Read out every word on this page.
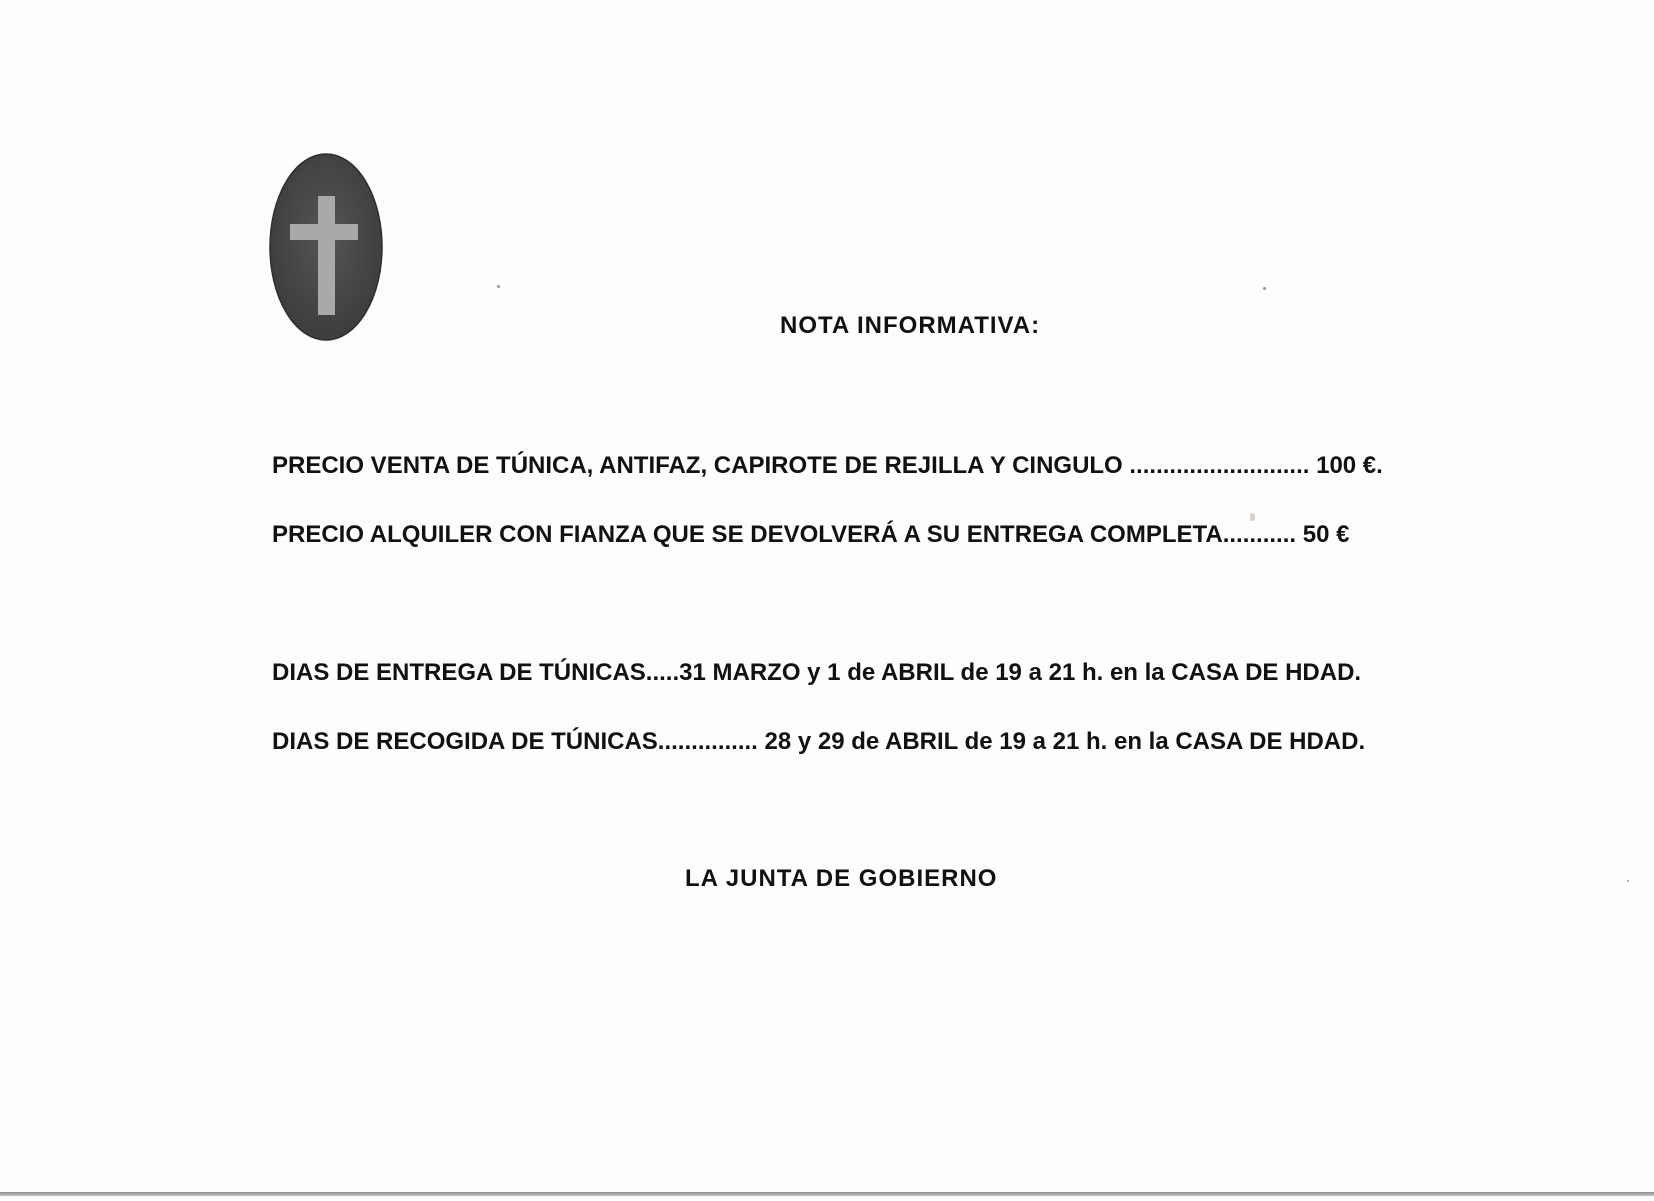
NOTA INFORMATIVA:
PRECIO VENTA DE TÚNICA, ANTIFAZ, CAPIROTE DE REJILLA Y CINGULO ........................... 100 €.
PRECIO ALQUILER CON FIANZA QUE SE DEVOLVERÁ A SU ENTREGA COMPLETA........... 50 €
DIAS DE ENTREGA DE TÚNICAS.....31 MARZO y 1 de ABRIL de 19 a 21 h. en la CASA DE HDAD.
DIAS DE RECOGIDA DE TÚNICAS............... 28 y 29 de ABRIL de 19 a 21 h. en la CASA DE HDAD.
LA JUNTA DE GOBIERNO
